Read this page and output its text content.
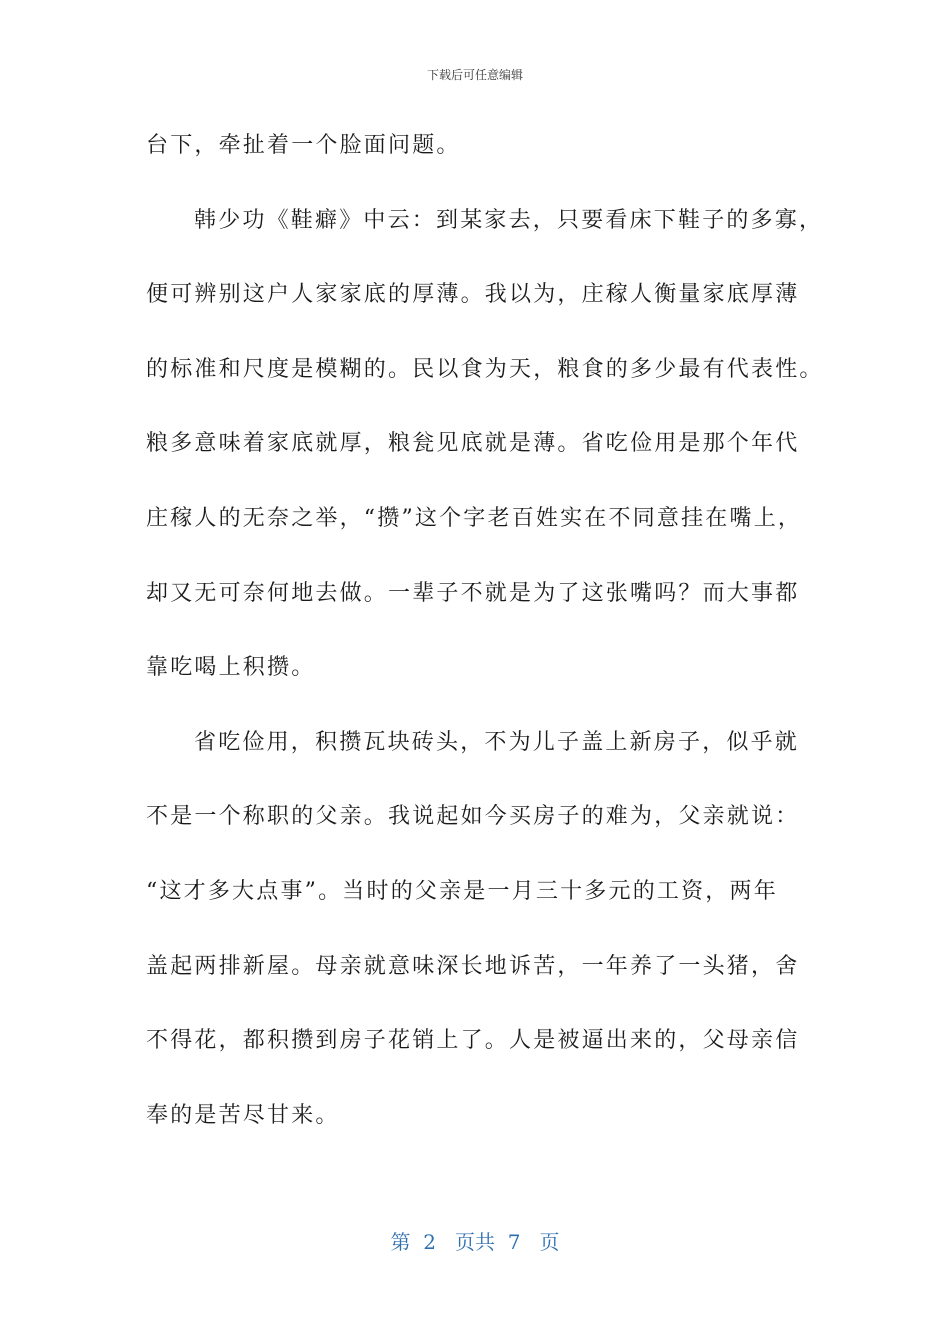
下载后可任意编辑
台下，牵扯着一个脸面问题。
韩少功《鞋癖》中云：到某家去，只要看床下鞋子的多寡，
便可辨别这户人家家底的厚薄。我以为，庄稼人衡量家底厚薄
的标准和尺度是模糊的。民以食为天，粮食的多少最有代表性。
粮多意味着家底就厚，粮瓮见底就是薄。省吃俭用是那个年代
庄稼人的无奈之举，“攒”这个字老百姓实在不同意挂在嘴上，
却又无可奈何地去做。一辈子不就是为了这张嘴吗？而大事都
靠吃喝上积攒。
省吃俭用，积攒瓦块砖头，不为儿子盖上新房子，似乎就
不是一个称职的父亲。我说起如今买房子的难为，父亲就说：
“这才多大点事”。当时的父亲是一月三十多元的工资，两年
盖起两排新屋。母亲就意味深长地诉苦，一年养了一头猪，舍
不得花，都积攒到房子花销上了。人是被逼出来的，父母亲信
奉的是苦尽甘来。
第 2 页共 7 页
